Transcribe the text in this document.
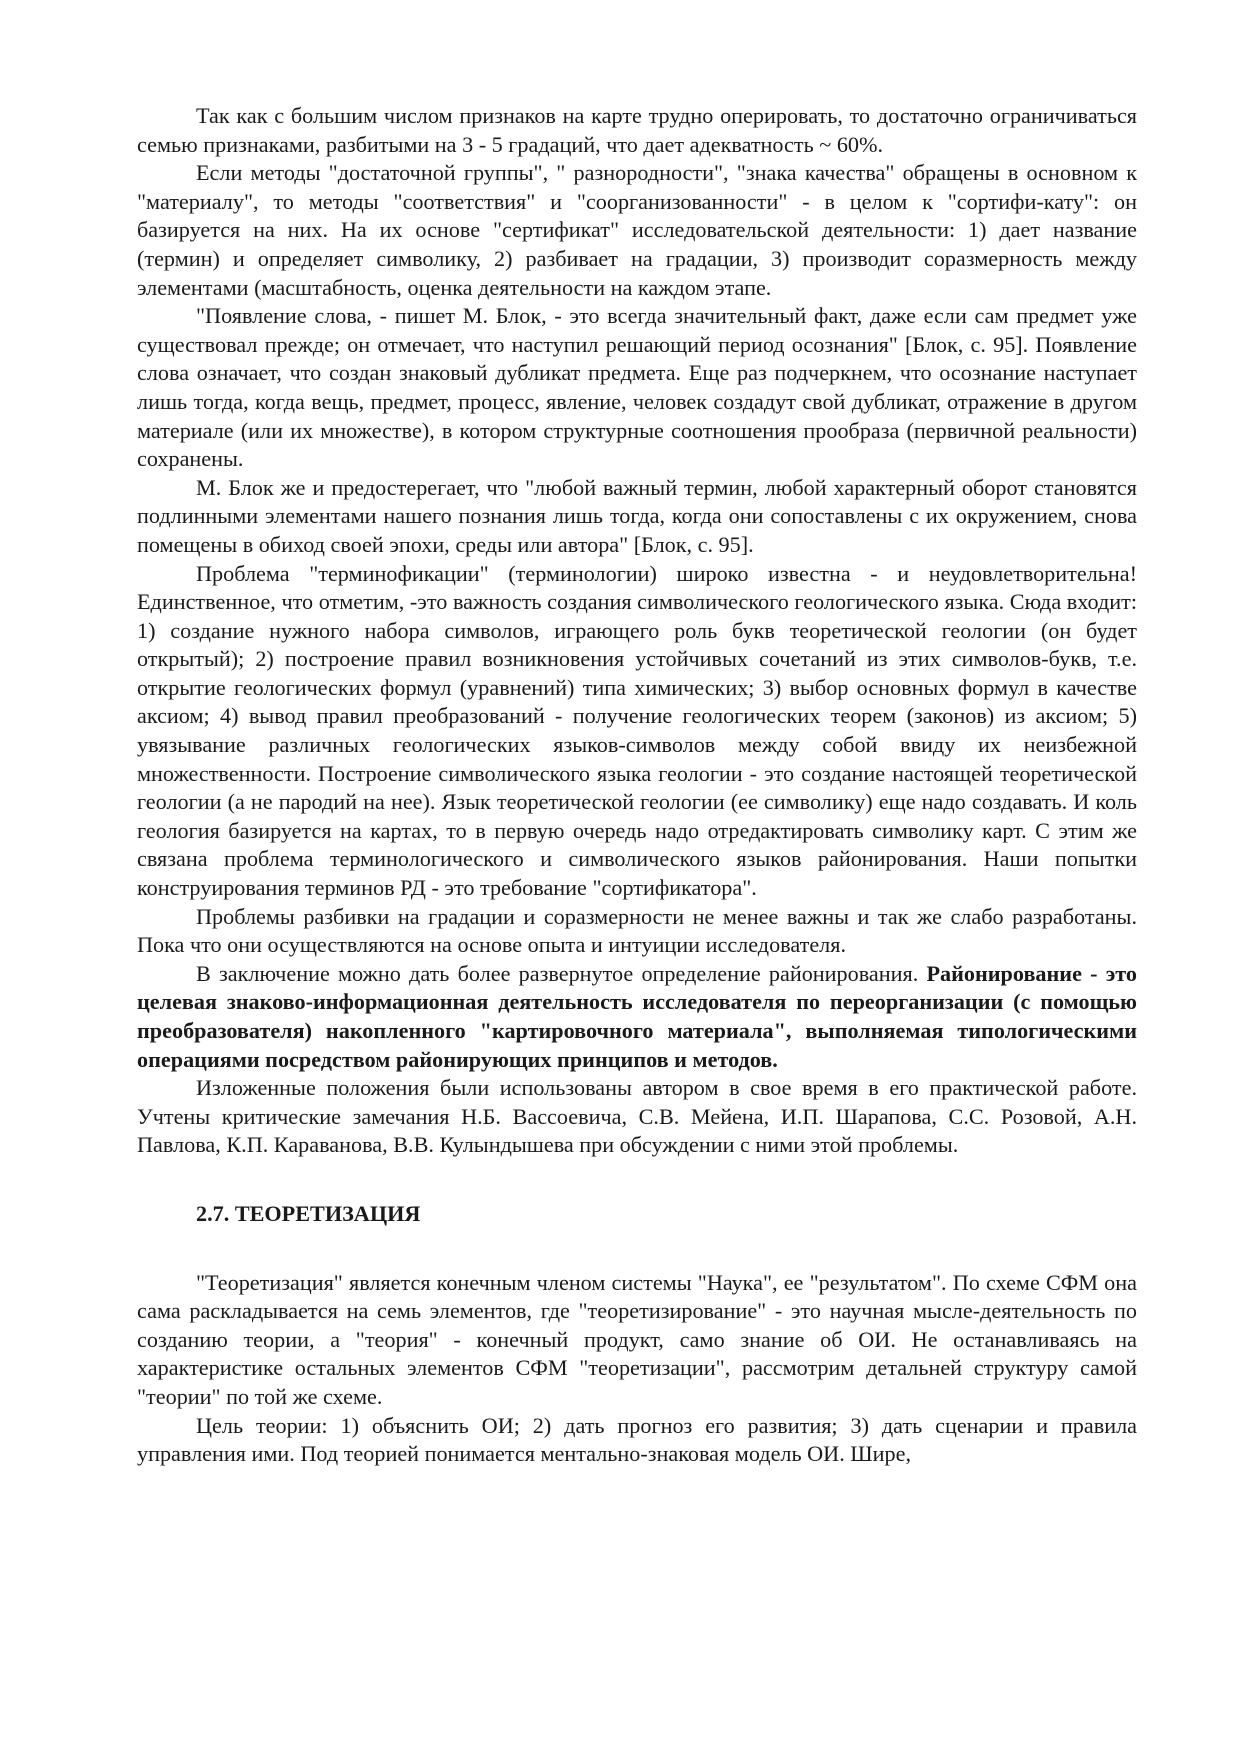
Так как с большим числом признаков на карте трудно оперировать, то достаточно ограничиваться семью признаками, разбитыми на 3 - 5 градаций, что дает адекватность ~ 60%.

Если методы "достаточной группы", " разнородности", "знака качества" обращены в основном к "материалу", то методы "соответствия" и "соорганизованности" - в целом к "сортифи-кату": он базируется на них. На их основе "сертификат" исследовательской деятельности: 1) дает название (термин) и определяет символику, 2) разбивает на градации, 3) производит соразмерность между элементами (масштабность, оценка деятельности на каждом этапе.

"Появление слова, - пишет М. Блок, - это всегда значительный факт, даже если сам предмет уже существовал прежде; он отмечает, что наступил решающий период осознания" [Блок, с. 95]. Появление слова означает, что создан знаковый дубликат предмета. Еще раз подчеркнем, что осознание наступает лишь тогда, когда вещь, предмет, процесс, явление, человек создадут свой дубликат, отражение в другом материале (или их множестве), в котором структурные соотношения прообраза (первичной реальности) сохранены.

М. Блок же и предостерегает, что "любой важный термин, любой характерный оборот становятся подлинными элементами нашего познания лишь тогда, когда они сопоставлены с их окружением, снова помещены в обиход своей эпохи, среды или автора" [Блок, с. 95].

Проблема "терминофикации" (терминологии) широко известна - и неудовлетворительна! Единственное, что отметим, -это важность создания символического геологического языка. Сюда входит: 1) создание нужного набора символов, играющего роль букв теоретической геологии (он будет открытый); 2) построение правил возникновения устойчивых сочетаний из этих символов-букв, т.е. открытие геологических формул (уравнений) типа химических; 3) выбор основных формул в качестве аксиом; 4) вывод правил преобразований - получение геологических теорем (законов) из аксиом; 5) увязывание различных геологических языков-символов между собой ввиду их неизбежной множественности. Построение символического языка геологии - это создание настоящей теоретической геологии (а не пародий на нее). Язык теоретической геологии (ее символику) еще надо создавать. И коль геология базируется на картах, то в первую очередь надо отредактировать символику карт. С этим же связана проблема терминологического и символического языков районирования. Наши попытки конструирования терминов РД - это требование "сортификатора".

Проблемы разбивки на градации и соразмерности не менее важны и так же слабо разработаны. Пока что они осуществляются на основе опыта и интуиции исследователя.

В заключение можно дать более развернутое определение районирования. Районирование - это целевая знаково-информационная деятельность исследователя по переорганизации (с помощью преобразователя) накопленного "картировочного материала", выполняемая типологическими операциями посредством районирующих принципов и методов.

Изложенные положения были использованы автором в свое время в его практической работе. Учтены критические замечания Н.Б. Вассоевича, С.В. Мейена, И.П. Шарапова, С.С. Розовой, А.Н. Павлова, К.П. Караванова, В.В. Кулындышева при обсуждении с ними этой проблемы.

2.7. ТЕОРЕТИЗАЦИЯ

"Теоретизация" является конечным членом системы "Наука", ее "результатом". По схеме СФМ она сама раскладывается на семь элементов, где "теоретизирование" - это научная мысле-деятельность по созданию теории, а "теория" - конечный продукт, само знание об ОИ. Не останавливаясь на характеристике остальных элементов СФМ "теоретизации", рассмотрим детальней структуру самой "теории" по той же схеме.

Цель теории: 1) объяснить ОИ; 2) дать прогноз его развития; 3) дать сценарии и правила управления ими. Под теорией понимается ментально-знаковая модель ОИ. Шире,
